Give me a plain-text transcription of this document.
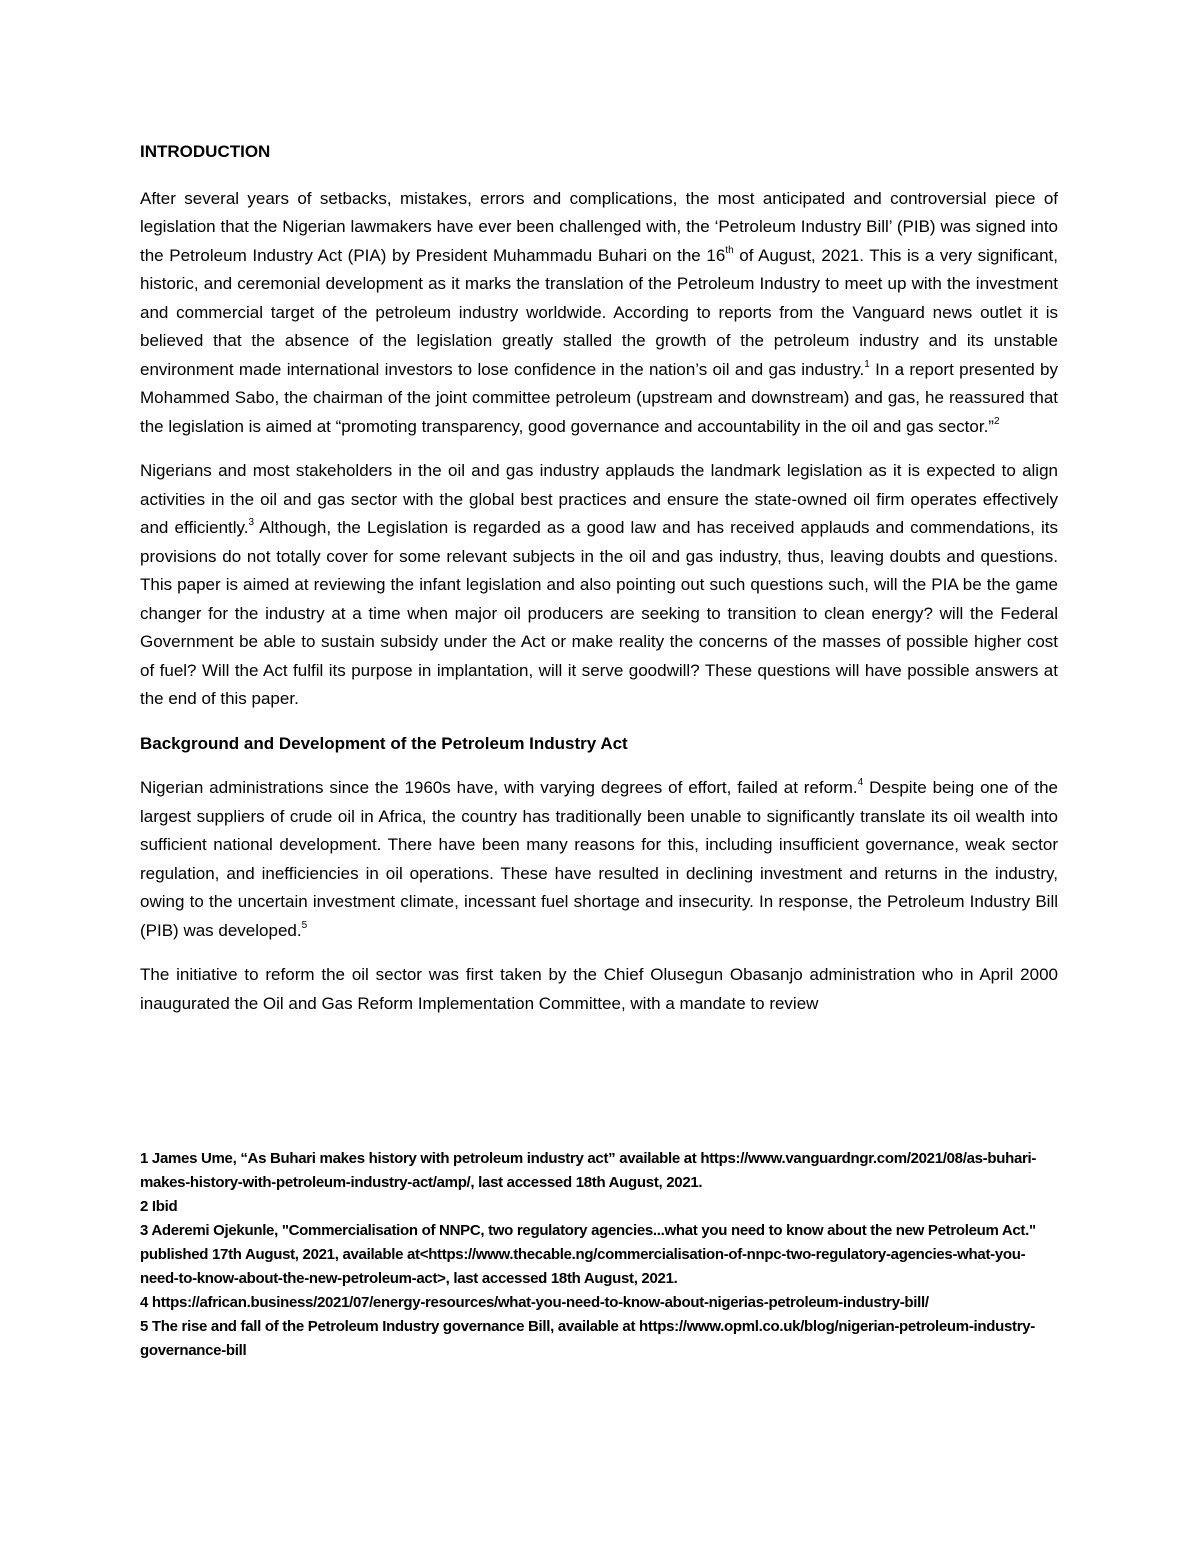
INTRODUCTION

After several years of setbacks, mistakes, errors and complications, the most anticipated and controversial piece of legislation that the Nigerian lawmakers have ever been challenged with, the ‘Petroleum Industry Bill’ (PIB) was signed into the Petroleum Industry Act (PIA) by President Muhammadu Buhari on the 16th of August, 2021. This is a very significant, historic, and ceremonial development as it marks the translation of the Petroleum Industry to meet up with the investment and commercial target of the petroleum industry worldwide. According to reports from the Vanguard news outlet it is believed that the absence of the legislation greatly stalled the growth of the petroleum industry and its unstable environment made international investors to lose confidence in the nation’s oil and gas industry.$^1$ In a report presented by Mohammed Sabo, the chairman of the joint committee petroleum (upstream and downstream) and gas, he reassured that the legislation is aimed at “promoting transparency, good governance and accountability in the oil and gas sector.”$^2$

Nigerians and most stakeholders in the oil and gas industry applauds the landmark legislation as it is expected to align activities in the oil and gas sector with the global best practices and ensure the state-owned oil firm operates effectively and efficiently.$^3$ Although, the Legislation is regarded as a good law and has received applauds and commendations, its provisions do not totally cover for some relevant subjects in the oil and gas industry, thus, leaving doubts and questions. This paper is aimed at reviewing the infant legislation and also pointing out such questions such, will the PIA be the game changer for the industry at a time when major oil producers are seeking to transition to clean energy? will the Federal Government be able to sustain subsidy under the Act or make reality the concerns of the masses of possible higher cost of fuel? Will the Act fulfil its purpose in implantation, will it serve goodwill? These questions will have possible answers at the end of this paper.

Background and Development of the Petroleum Industry Act

Nigerian administrations since the 1960s have, with varying degrees of effort, failed at reform.$^4$ Despite being one of the largest suppliers of crude oil in Africa, the country has traditionally been unable to significantly translate its oil wealth into sufficient national development. There have been many reasons for this, including insufficient governance, weak sector regulation, and inefficiencies in oil operations. These have resulted in declining investment and returns in the industry, owing to the uncertain investment climate, incessant fuel shortage and insecurity. In response, the Petroleum Industry Bill (PIB) was developed.$^5$

The initiative to reform the oil sector was first taken by the Chief Olusegun Obasanjo administration who in April 2000 inaugurated the Oil and Gas Reform Implementation Committee, with a mandate to review

1 James Ume, “As Buhari makes history with petroleum industry act” available at https://www.vanguardngr.com/2021/08/as-buhari-makes-history-with-petroleum-industry-act/amp/, last accessed 18th August, 2021.

2 Ibid

3 Aderemi Ojekunle, "Commercialisation of NNPC, two regulatory agencies...what you need to know about the new Petroleum Act." published 17th August, 2021, available at<https://www.thecable.ng/commercialisation-of-nnpc-two-regulatory-agencies-what-you-need-to-know-about-the-new-petroleum-act>, last accessed 18th August, 2021.

4 https://african.business/2021/07/energy-resources/what-you-need-to-know-about-nigerias-petroleum-industry-bill/

5 The rise and fall of the Petroleum Industry governance Bill, available at https://www.opml.co.uk/blog/nigerian-petroleum-industry-governance-bill
